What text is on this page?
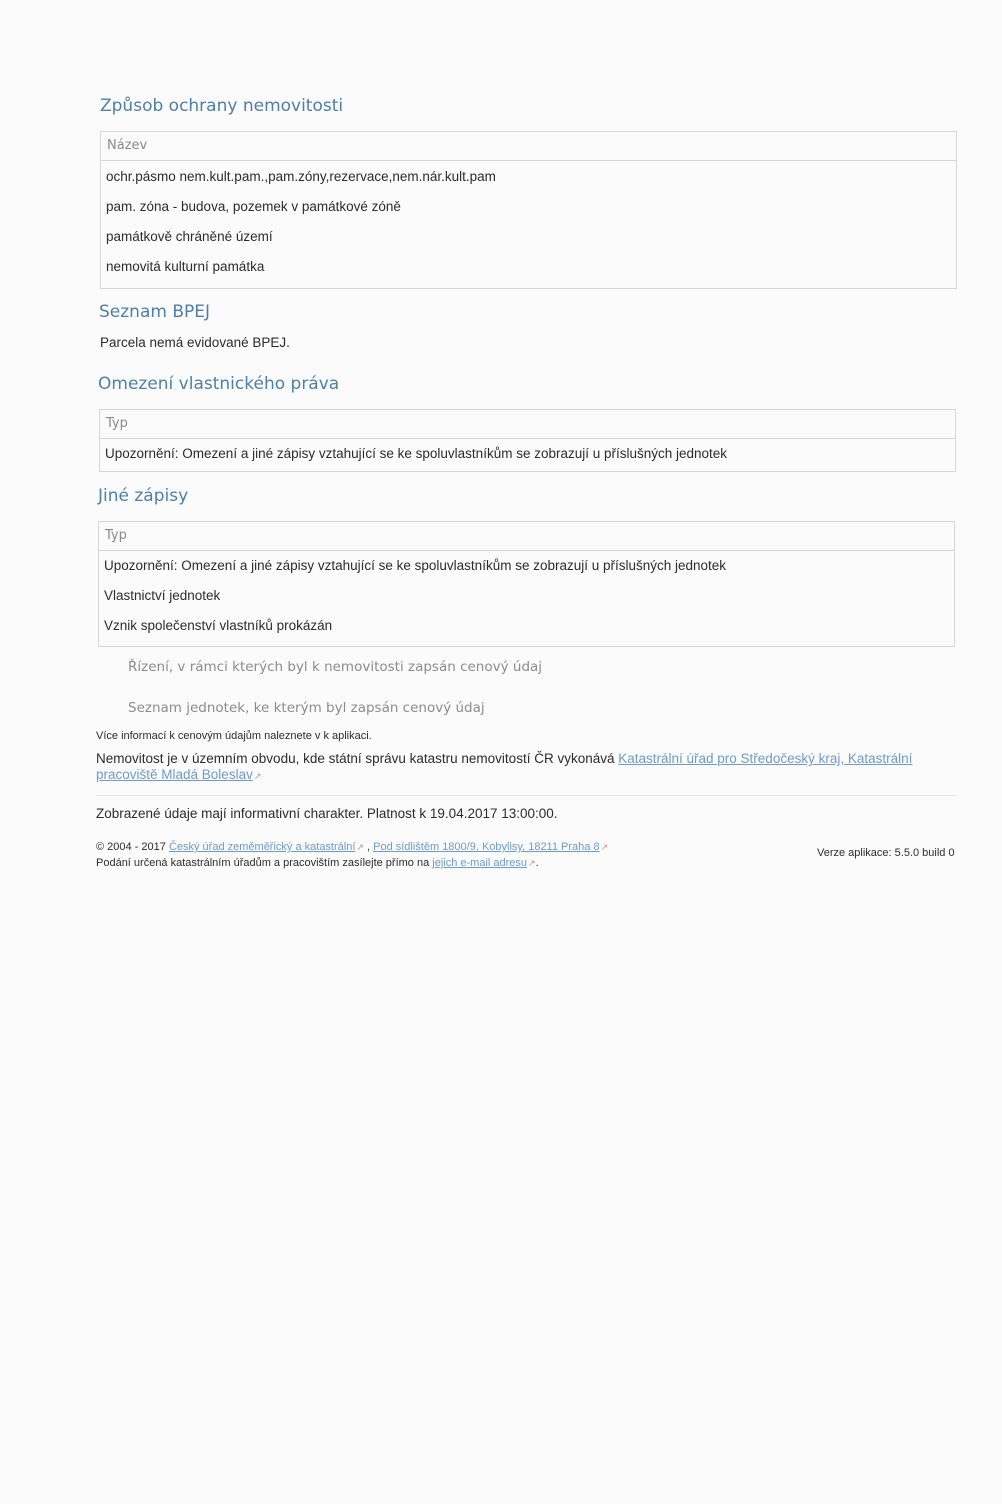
Způsob ochrany nemovitosti
Název
ochr.pásmo nem.kult.pam.,pam.zóny,rezervace,nem.nár.kult.pam
pam. zóna - budova, pozemek v památkové zóně
památkově chráněné území
nemovitá kulturní památka
Seznam BPEJ
Parcela nemá evidované BPEJ.
Omezení vlastnického práva
Typ
Upozornění: Omezení a jiné zápisy vztahující se ke spoluvlastníkům se zobrazují u příslušných jednotek
Jiné zápisy
Typ
Upozornění: Omezení a jiné zápisy vztahující se ke spoluvlastníkům se zobrazují u příslušných jednotek
Vlastnictví jednotek
Vznik společenství vlastníků prokázán
Řízení, v rámci kterých byl k nemovitosti zapsán cenový údaj
Seznam jednotek, ke kterým byl zapsán cenový údaj
Více informací k cenovým údajům naleznete v k aplikaci.
Nemovitost je v územním obvodu, kde státní správu katastru nemovitostí ČR vykonává Katastrální úřad pro Středočeský kraj, Katastrální pracoviště Mladá Boleslav↗
Zobrazené údaje mají informativní charakter. Platnost k 19.04.2017 13:00:00.
© 2004 - 2017 Český úřad zeměměřický a katastrální↗ , Pod sídlištěm 1800/9, Kobylisy, 18211 Praha 8↗
Podání určená katastrálním úřadům a pracovištím zasílejte přímo na jejich e-mail adresu↗.
Verze aplikace: 5.5.0 build 0
